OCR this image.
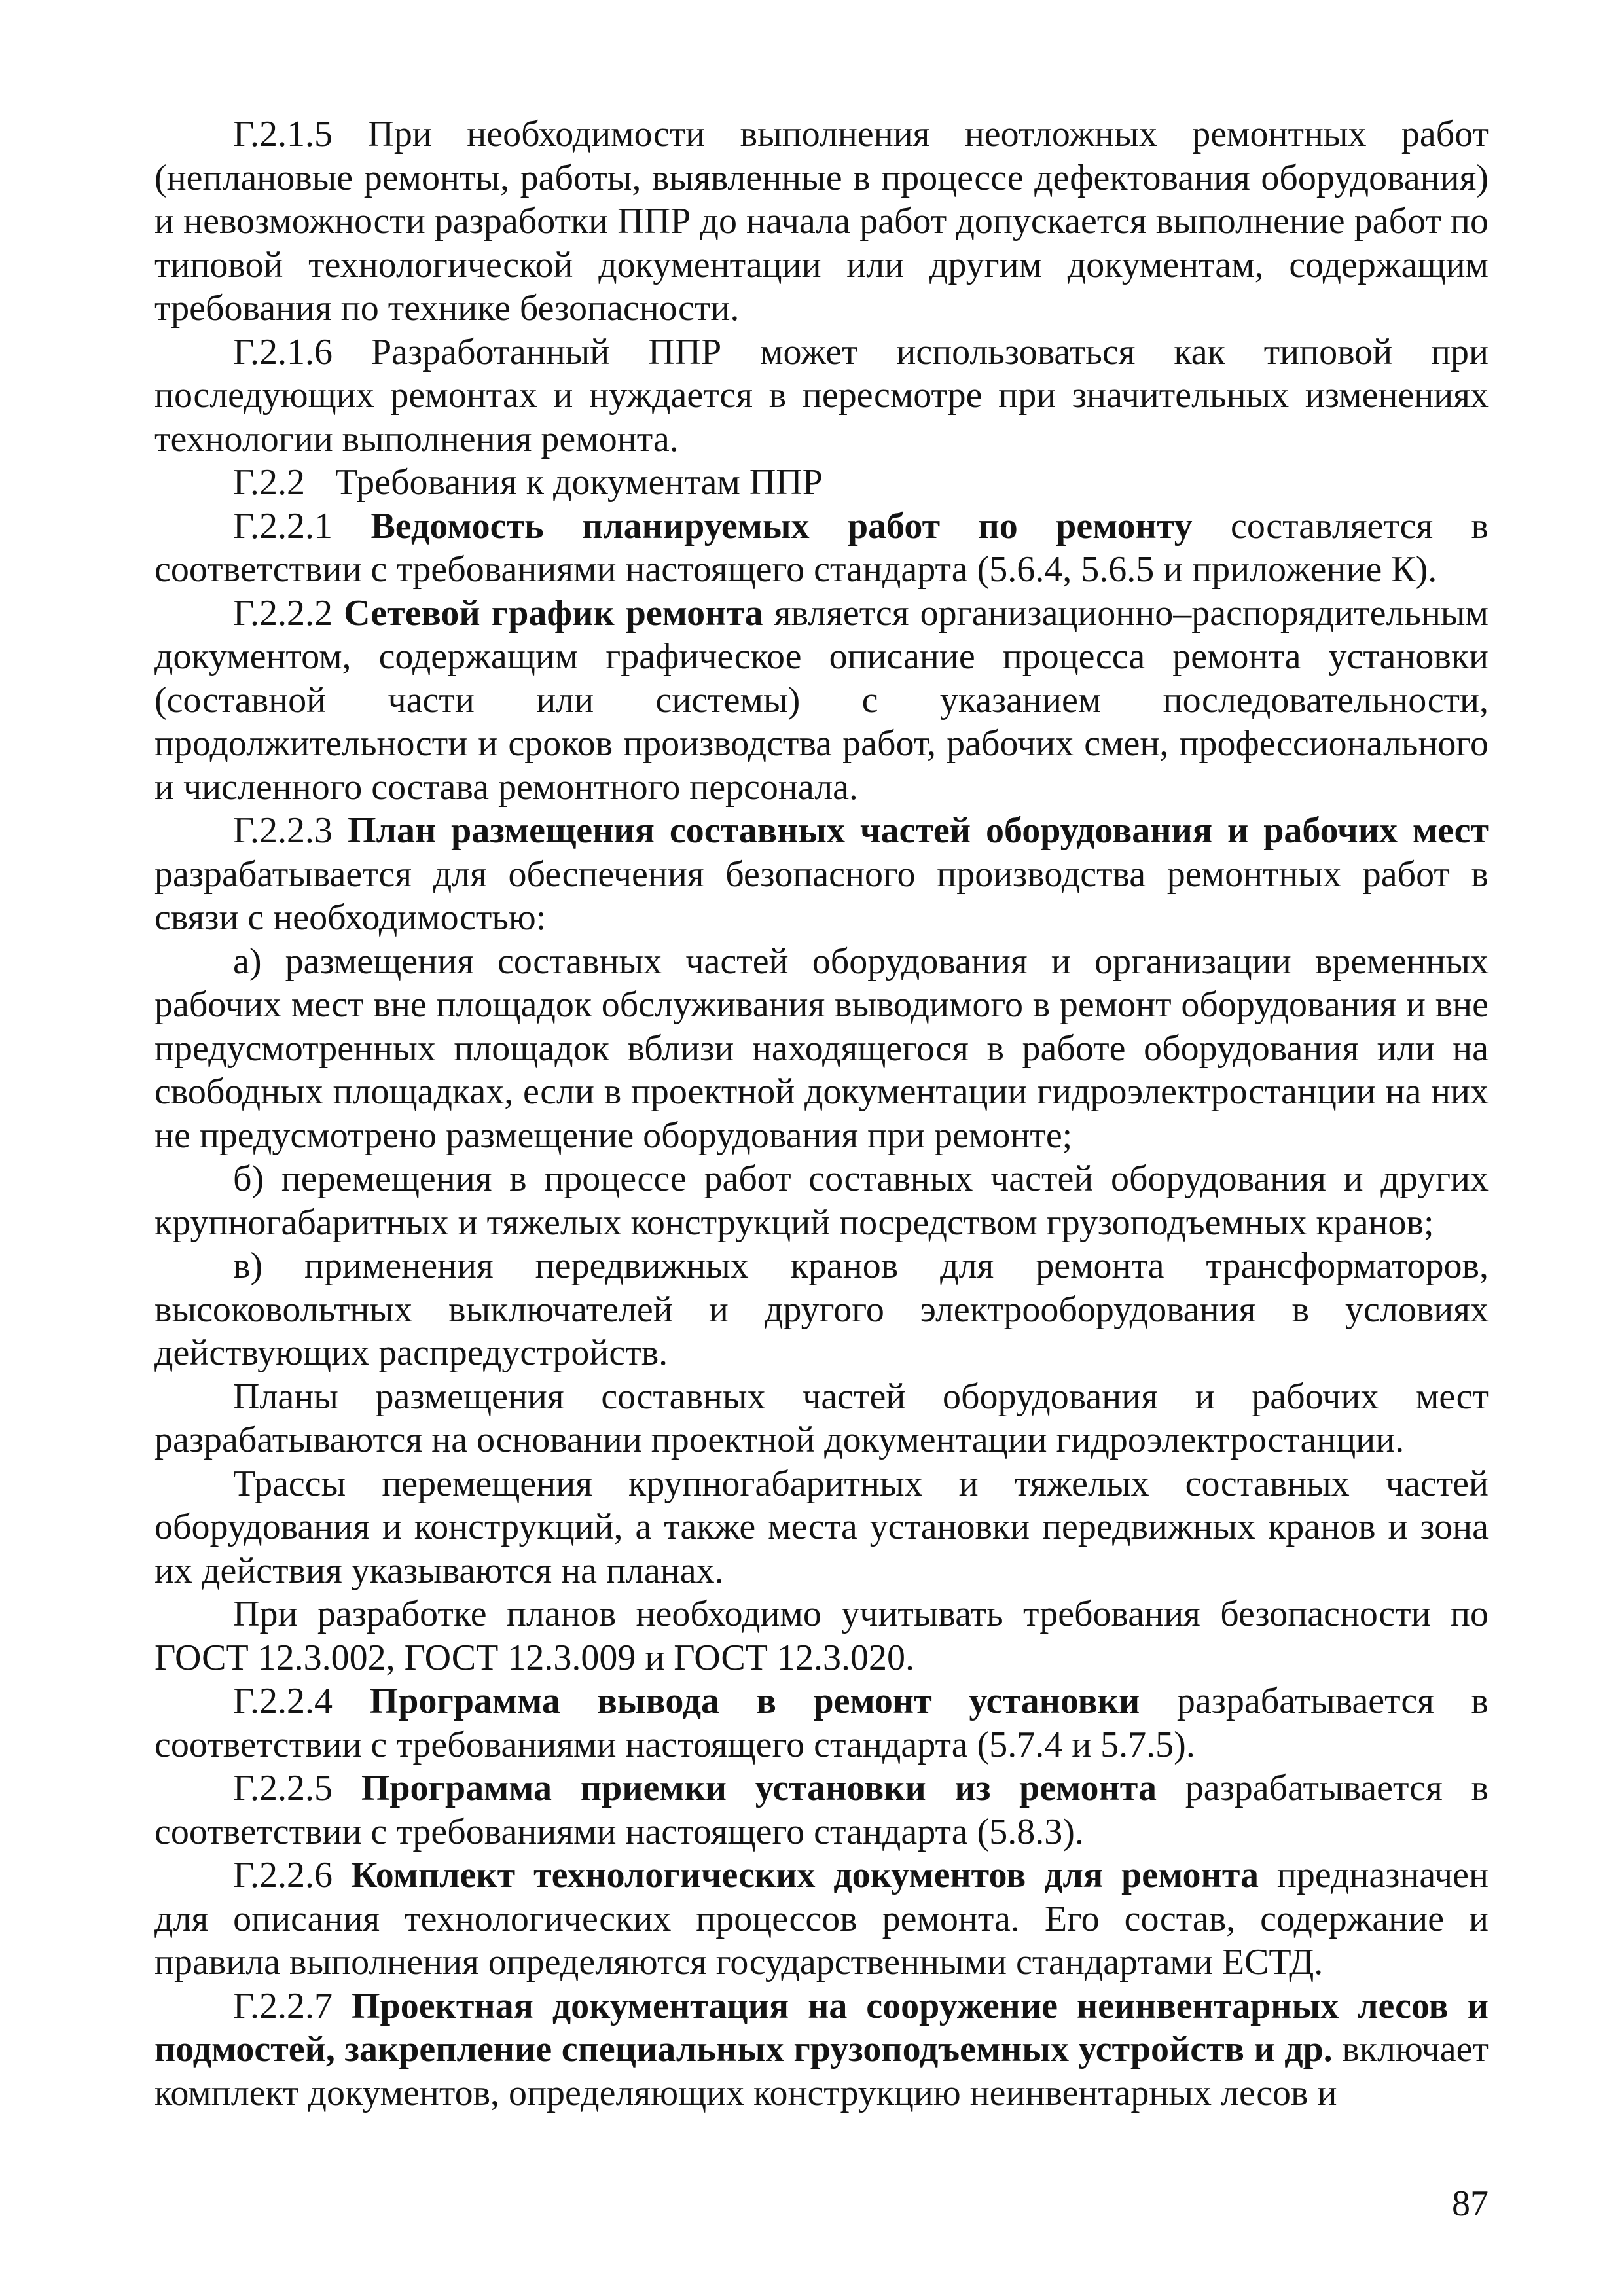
Г.2.1.5 При необходимости выполнения неотложных ремонтных работ (неплановые ремонты, работы, выявленные в процессе дефектования оборудования) и невозможности разработки ППР до начала работ допускается выполнение работ по типовой технологической документации или другим документам, содержащим требования по технике безопасности.

Г.2.1.6 Разработанный ППР может использоваться как типовой при последующих ремонтах и нуждается в пересмотре при значительных изменениях технологии выполнения ремонта.

Г.2.2 Требования к документам ППР

Г.2.2.1 Ведомость планируемых работ по ремонту составляется в соответствии с требованиями настоящего стандарта (5.6.4, 5.6.5 и приложение К).

Г.2.2.2 Сетевой график ремонта является организационно–распорядительным документом, содержащим графическое описание процесса ремонта установки (составной части или системы) с указанием последовательности, продолжительности и сроков производства работ, рабочих смен, профессионального и численного состава ремонтного персонала.

Г.2.2.3 План размещения составных частей оборудования и рабочих мест разрабатывается для обеспечения безопасного производства ремонтных работ в связи с необходимостью:

а) размещения составных частей оборудования и организации временных рабочих мест вне площадок обслуживания выводимого в ремонт оборудования и вне предусмотренных площадок вблизи находящегося в работе оборудования или на свободных площадках, если в проектной документации гидроэлектростанции на них не предусмотрено размещение оборудования при ремонте;

б) перемещения в процессе работ составных частей оборудования и других крупногабаритных и тяжелых конструкций посредством грузоподъемных кранов;

в) применения передвижных кранов для ремонта трансформаторов, высоковольтных выключателей и другого электрооборудования в условиях действующих распредустройств.

Планы размещения составных частей оборудования и рабочих мест разрабатываются на основании проектной документации гидроэлектростанции.

Трассы перемещения крупногабаритных и тяжелых составных частей оборудования и конструкций, а также места установки передвижных кранов и зона их действия указываются на планах.

При разработке планов необходимо учитывать требования безопасности по ГОСТ 12.3.002, ГОСТ 12.3.009 и ГОСТ 12.3.020.

Г.2.2.4 Программа вывода в ремонт установки разрабатывается в соответствии с требованиями настоящего стандарта (5.7.4 и 5.7.5).

Г.2.2.5 Программа приемки установки из ремонта разрабатывается в соответствии с требованиями настоящего стандарта (5.8.3).

Г.2.2.6 Комплект технологических документов для ремонта предназначен для описания технологических процессов ремонта. Его состав, содержание и правила выполнения определяются государственными стандартами ЕСТД.

Г.2.2.7 Проектная документация на сооружение неинвентарных лесов и подмостей, закрепление специальных грузоподъемных устройств и др. включает комплект документов, определяющих конструкцию неинвентарных лесов и

87
